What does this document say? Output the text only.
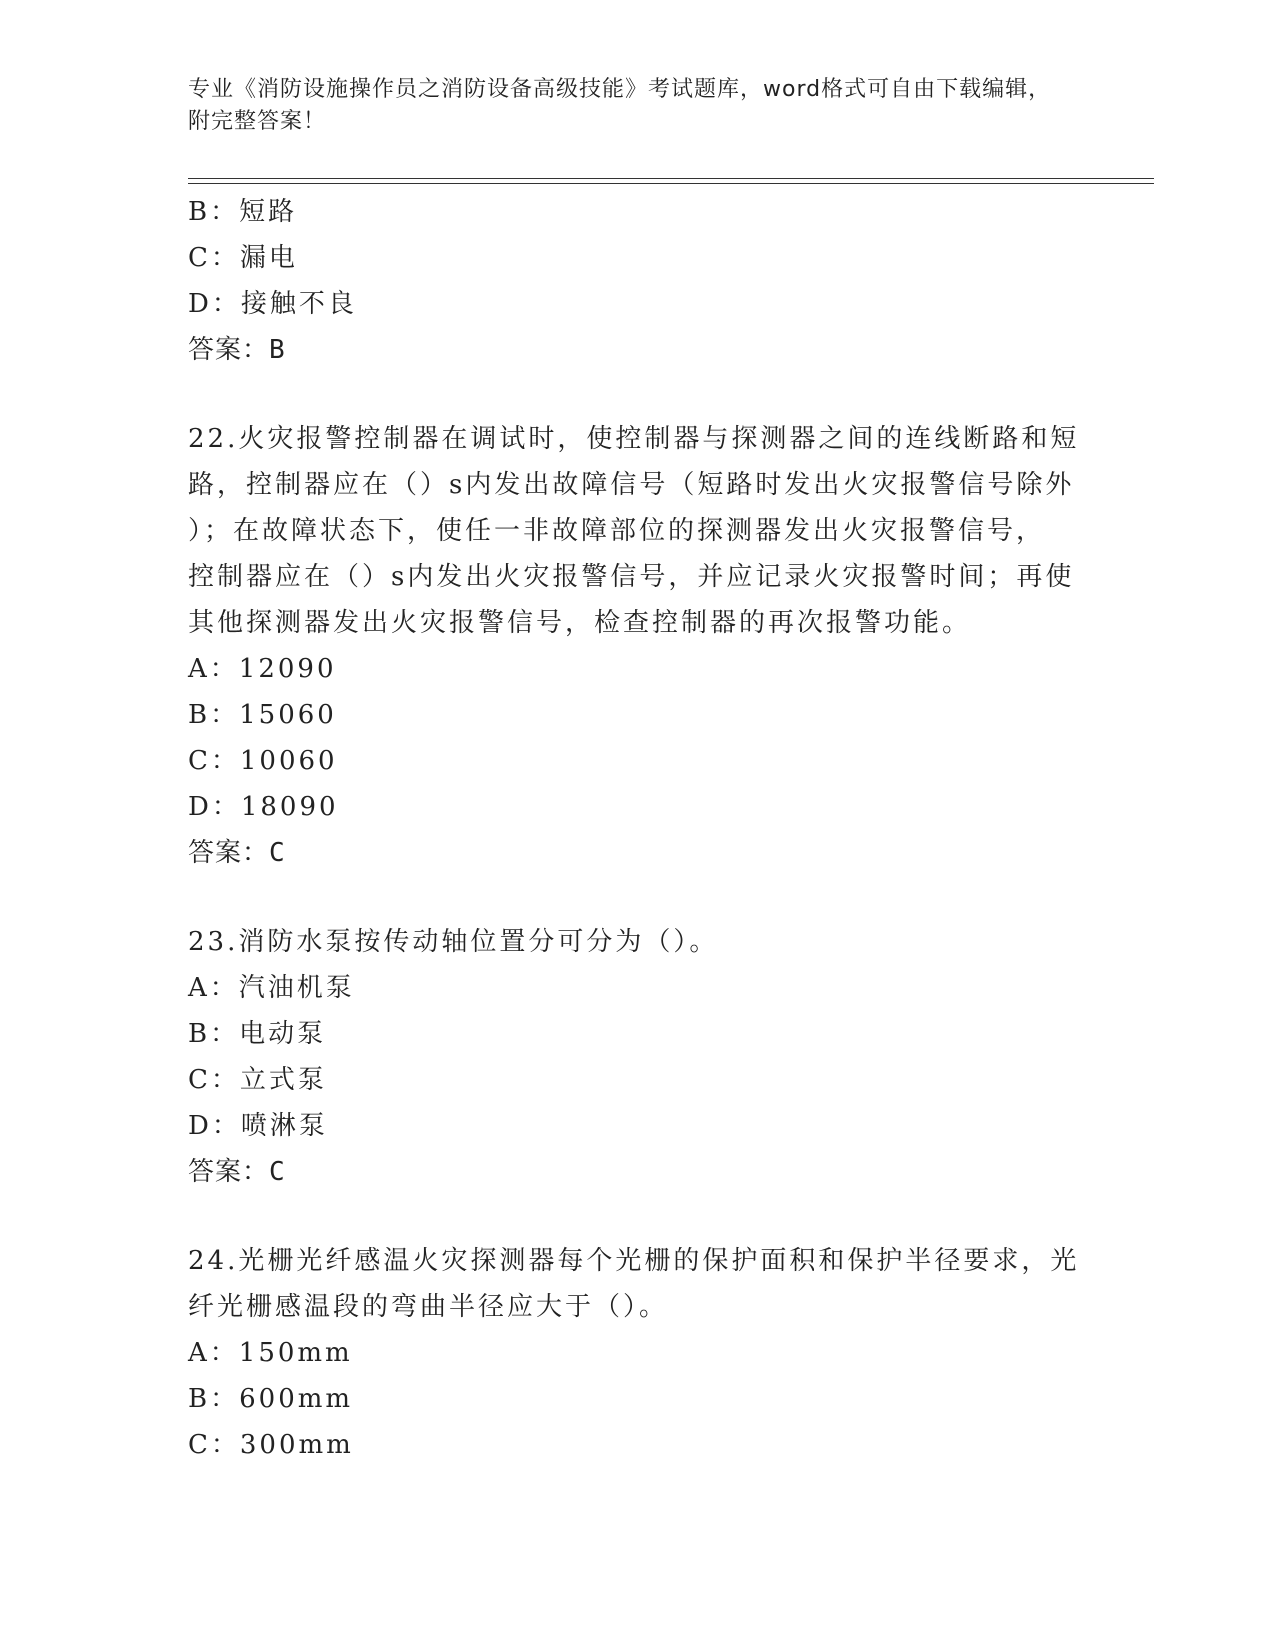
专业《消防设施操作员之消防设备高级技能》考试题库，word格式可自由下载编辑，附完整答案！
B：短路
C：漏电
D：接触不良
答案：B
22.火灾报警控制器在调试时，使控制器与探测器之间的连线断路和短
路，控制器应在（）s内发出故障信号（短路时发出火灾报警信号除外
）；在故障状态下，使任一非故障部位的探测器发出火灾报警信号，
控制器应在（）s内发出火灾报警信号，并应记录火灾报警时间；再使
其他探测器发出火灾报警信号，检查控制器的再次报警功能。
A：12090
B：15060
C：10060
D：18090
答案：C
23.消防水泵按传动轴位置分可分为（）。
A：汽油机泵
B：电动泵
C：立式泵
D：喷淋泵
答案：C
24.光栅光纤感温火灾探测器每个光栅的保护面积和保护半径要求，光
纤光栅感温段的弯曲半径应大于（）。
A：150mm
B：600mm
C：300mm
